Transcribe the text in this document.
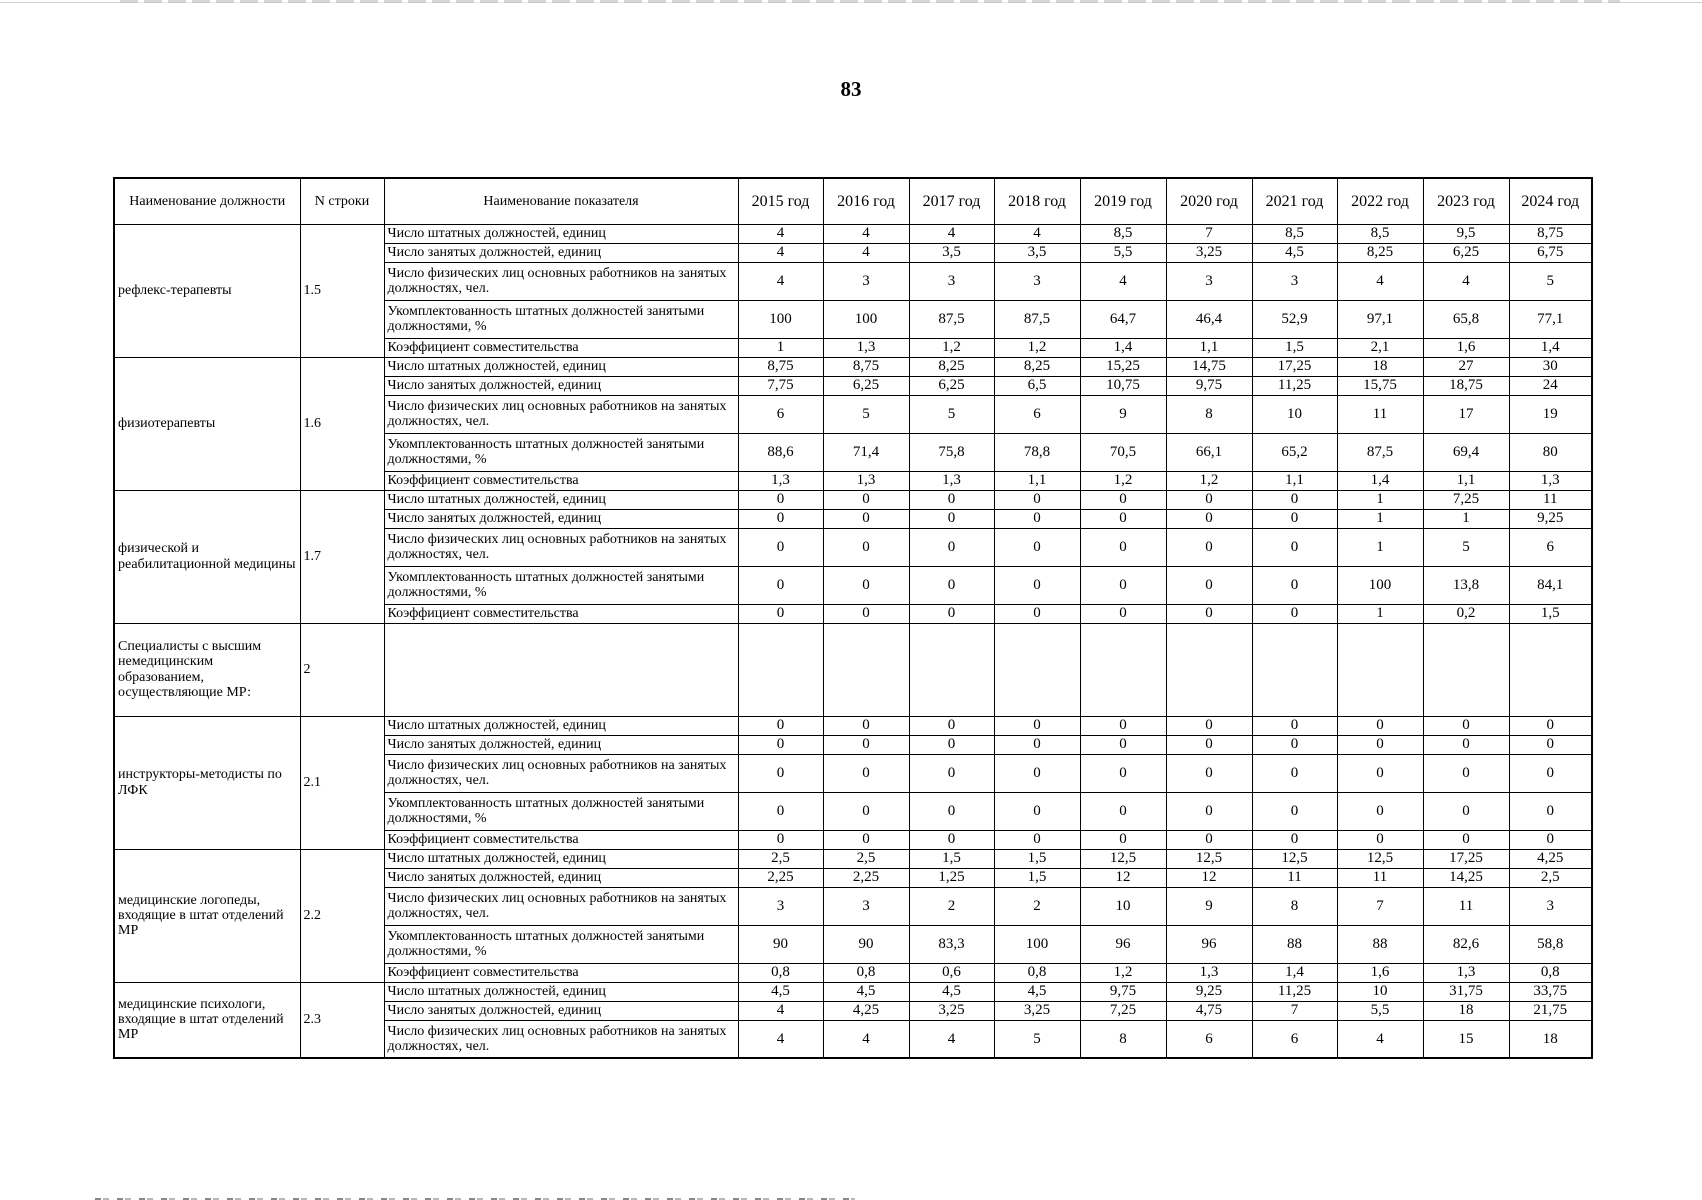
83
Наименование должности	N строки	Наименование показателя	2015 год	2016 год	2017 год	2018 год	2019 год	2020 год	2021 год	2022 год	2023 год	2024 год
рефлекс-терапевты	1.5	Число штатных должностей, единиц	4	4	4	4	8,5	7	8,5	8,5	9,5	8,75
		Число занятых должностей, единиц	4	4	3,5	3,5	5,5	3,25	4,5	8,25	6,25	6,75
		Число физических лиц основных работников на занятых должностях, чел.	4	3	3	3	4	3	3	4	4	5
		Укомплектованность штатных должностей занятыми должностями, %	100	100	87,5	87,5	64,7	46,4	52,9	97,1	65,8	77,1
		Коэффициент совместительства	1	1,3	1,2	1,2	1,4	1,1	1,5	2,1	1,6	1,4
физиотерапевты	1.6	Число штатных должностей, единиц	8,75	8,75	8,25	8,25	15,25	14,75	17,25	18	27	30
		Число занятых должностей, единиц	7,75	6,25	6,25	6,5	10,75	9,75	11,25	15,75	18,75	24
		Число физических лиц основных работников на занятых должностях, чел.	6	5	5	6	9	8	10	11	17	19
		Укомплектованность штатных должностей занятыми должностями, %	88,6	71,4	75,8	78,8	70,5	66,1	65,2	87,5	69,4	80
		Коэффициент совместительства	1,3	1,3	1,3	1,1	1,2	1,2	1,1	1,4	1,1	1,3
физической и реабилитационной медицины	1.7	Число штатных должностей, единиц	0	0	0	0	0	0	0	1	7,25	11
		Число занятых должностей, единиц	0	0	0	0	0	0	0	1	1	9,25
		Число физических лиц основных работников на занятых должностях, чел.	0	0	0	0	0	0	0	1	5	6
		Укомплектованность штатных должностей занятыми должностями, %	0	0	0	0	0	0	0	100	13,8	84,1
		Коэффициент совместительства	0	0	0	0	0	0	0	1	0,2	1,5
Специалисты с высшим немедицинским образованием, осуществляющие МР:	2											
инструкторы-методисты по ЛФК	2.1	Число штатных должностей, единиц	0	0	0	0	0	0	0	0	0	0
		Число занятых должностей, единиц	0	0	0	0	0	0	0	0	0	0
		Число физических лиц основных работников на занятых должностях, чел.	0	0	0	0	0	0	0	0	0	0
		Укомплектованность штатных должностей занятыми должностями, %	0	0	0	0	0	0	0	0	0	0
		Коэффициент совместительства	0	0	0	0	0	0	0	0	0	0
медицинские логопеды, входящие в штат отделений МР	2.2	Число штатных должностей, единиц	2,5	2,5	1,5	1,5	12,5	12,5	12,5	12,5	17,25	4,25
		Число занятых должностей, единиц	2,25	2,25	1,25	1,5	12	12	11	11	14,25	2,5
		Число физических лиц основных работников на занятых должностях, чел.	3	3	2	2	10	9	8	7	11	3
		Укомплектованность штатных должностей занятыми должностями, %	90	90	83,3	100	96	96	88	88	82,6	58,8
		Коэффициент совместительства	0,8	0,8	0,6	0,8	1,2	1,3	1,4	1,6	1,3	0,8
медицинские психологи, входящие в штат отделений МР	2.3	Число штатных должностей, единиц	4,5	4,5	4,5	4,5	9,75	9,25	11,25	10	31,75	33,75
		Число занятых должностей, единиц	4	4,25	3,25	3,25	7,25	4,75	7	5,5	18	21,75
		Число физических лиц основных работников на занятых должностях, чел.	4	4	4	5	8	6	6	4	15	18
